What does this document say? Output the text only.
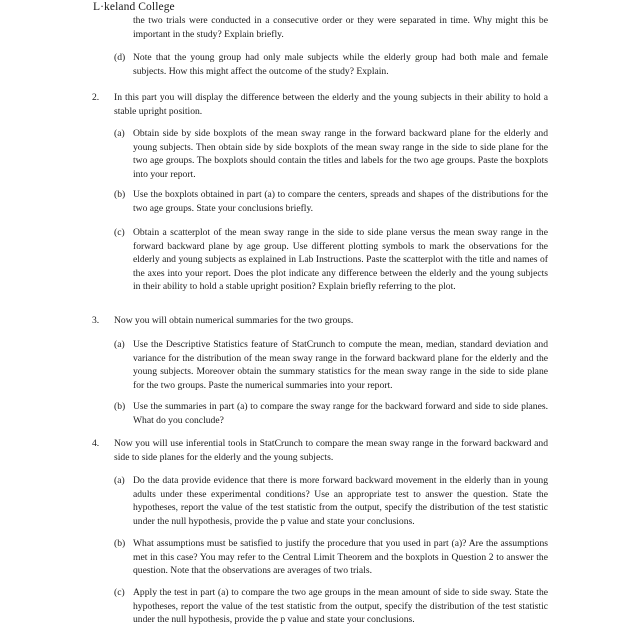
L·keland College
the two trials were conducted in a consecutive order or they were separated in time. Why might this be important in the study? Explain briefly.
(d) Note that the young group had only male subjects while the elderly group had both male and female subjects. How this might affect the outcome of the study? Explain.
2. In this part you will display the difference between the elderly and the young subjects in their ability to hold a stable upright position.
(a) Obtain side by side boxplots of the mean sway range in the forward backward plane for the elderly and young subjects. Then obtain side by side boxplots of the mean sway range in the side to side plane for the two age groups. The boxplots should contain the titles and labels for the two age groups. Paste the boxplots into your report.
(b) Use the boxplots obtained in part (a) to compare the centers, spreads and shapes of the distributions for the two age groups. State your conclusions briefly.
(c) Obtain a scatterplot of the mean sway range in the side to side plane versus the mean sway range in the forward backward plane by age group. Use different plotting symbols to mark the observations for the elderly and young subjects as explained in Lab Instructions. Paste the scatterplot with the title and names of the axes into your report. Does the plot indicate any difference between the elderly and the young subjects in their ability to hold a stable upright position? Explain briefly referring to the plot.
3. Now you will obtain numerical summaries for the two groups.
(a) Use the Descriptive Statistics feature of StatCrunch to compute the mean, median, standard deviation and variance for the distribution of the mean sway range in the forward backward plane for the elderly and the young subjects. Moreover obtain the summary statistics for the mean sway range in the side to side plane for the two groups. Paste the numerical summaries into your report.
(b) Use the summaries in part (a) to compare the sway range for the backward forward and side to side planes. What do you conclude?
4. Now you will use inferential tools in StatCrunch to compare the mean sway range in the forward backward and side to side planes for the elderly and the young subjects.
(a) Do the data provide evidence that there is more forward backward movement in the elderly than in young adults under these experimental conditions? Use an appropriate test to answer the question. State the hypotheses, report the value of the test statistic from the output, specify the distribution of the test statistic under the null hypothesis, provide the p value and state your conclusions.
(b) What assumptions must be satisfied to justify the procedure that you used in part (a)? Are the assumptions met in this case? You may refer to the Central Limit Theorem and the boxplots in Question 2 to answer the question. Note that the observations are averages of two trials.
(c) Apply the test in part (a) to compare the two age groups in the mean amount of side to side sway. State the hypotheses, report the value of the test statistic from the output, specify the distribution of the test statistic under the null hypothesis, provide the p value and state your conclusions.
